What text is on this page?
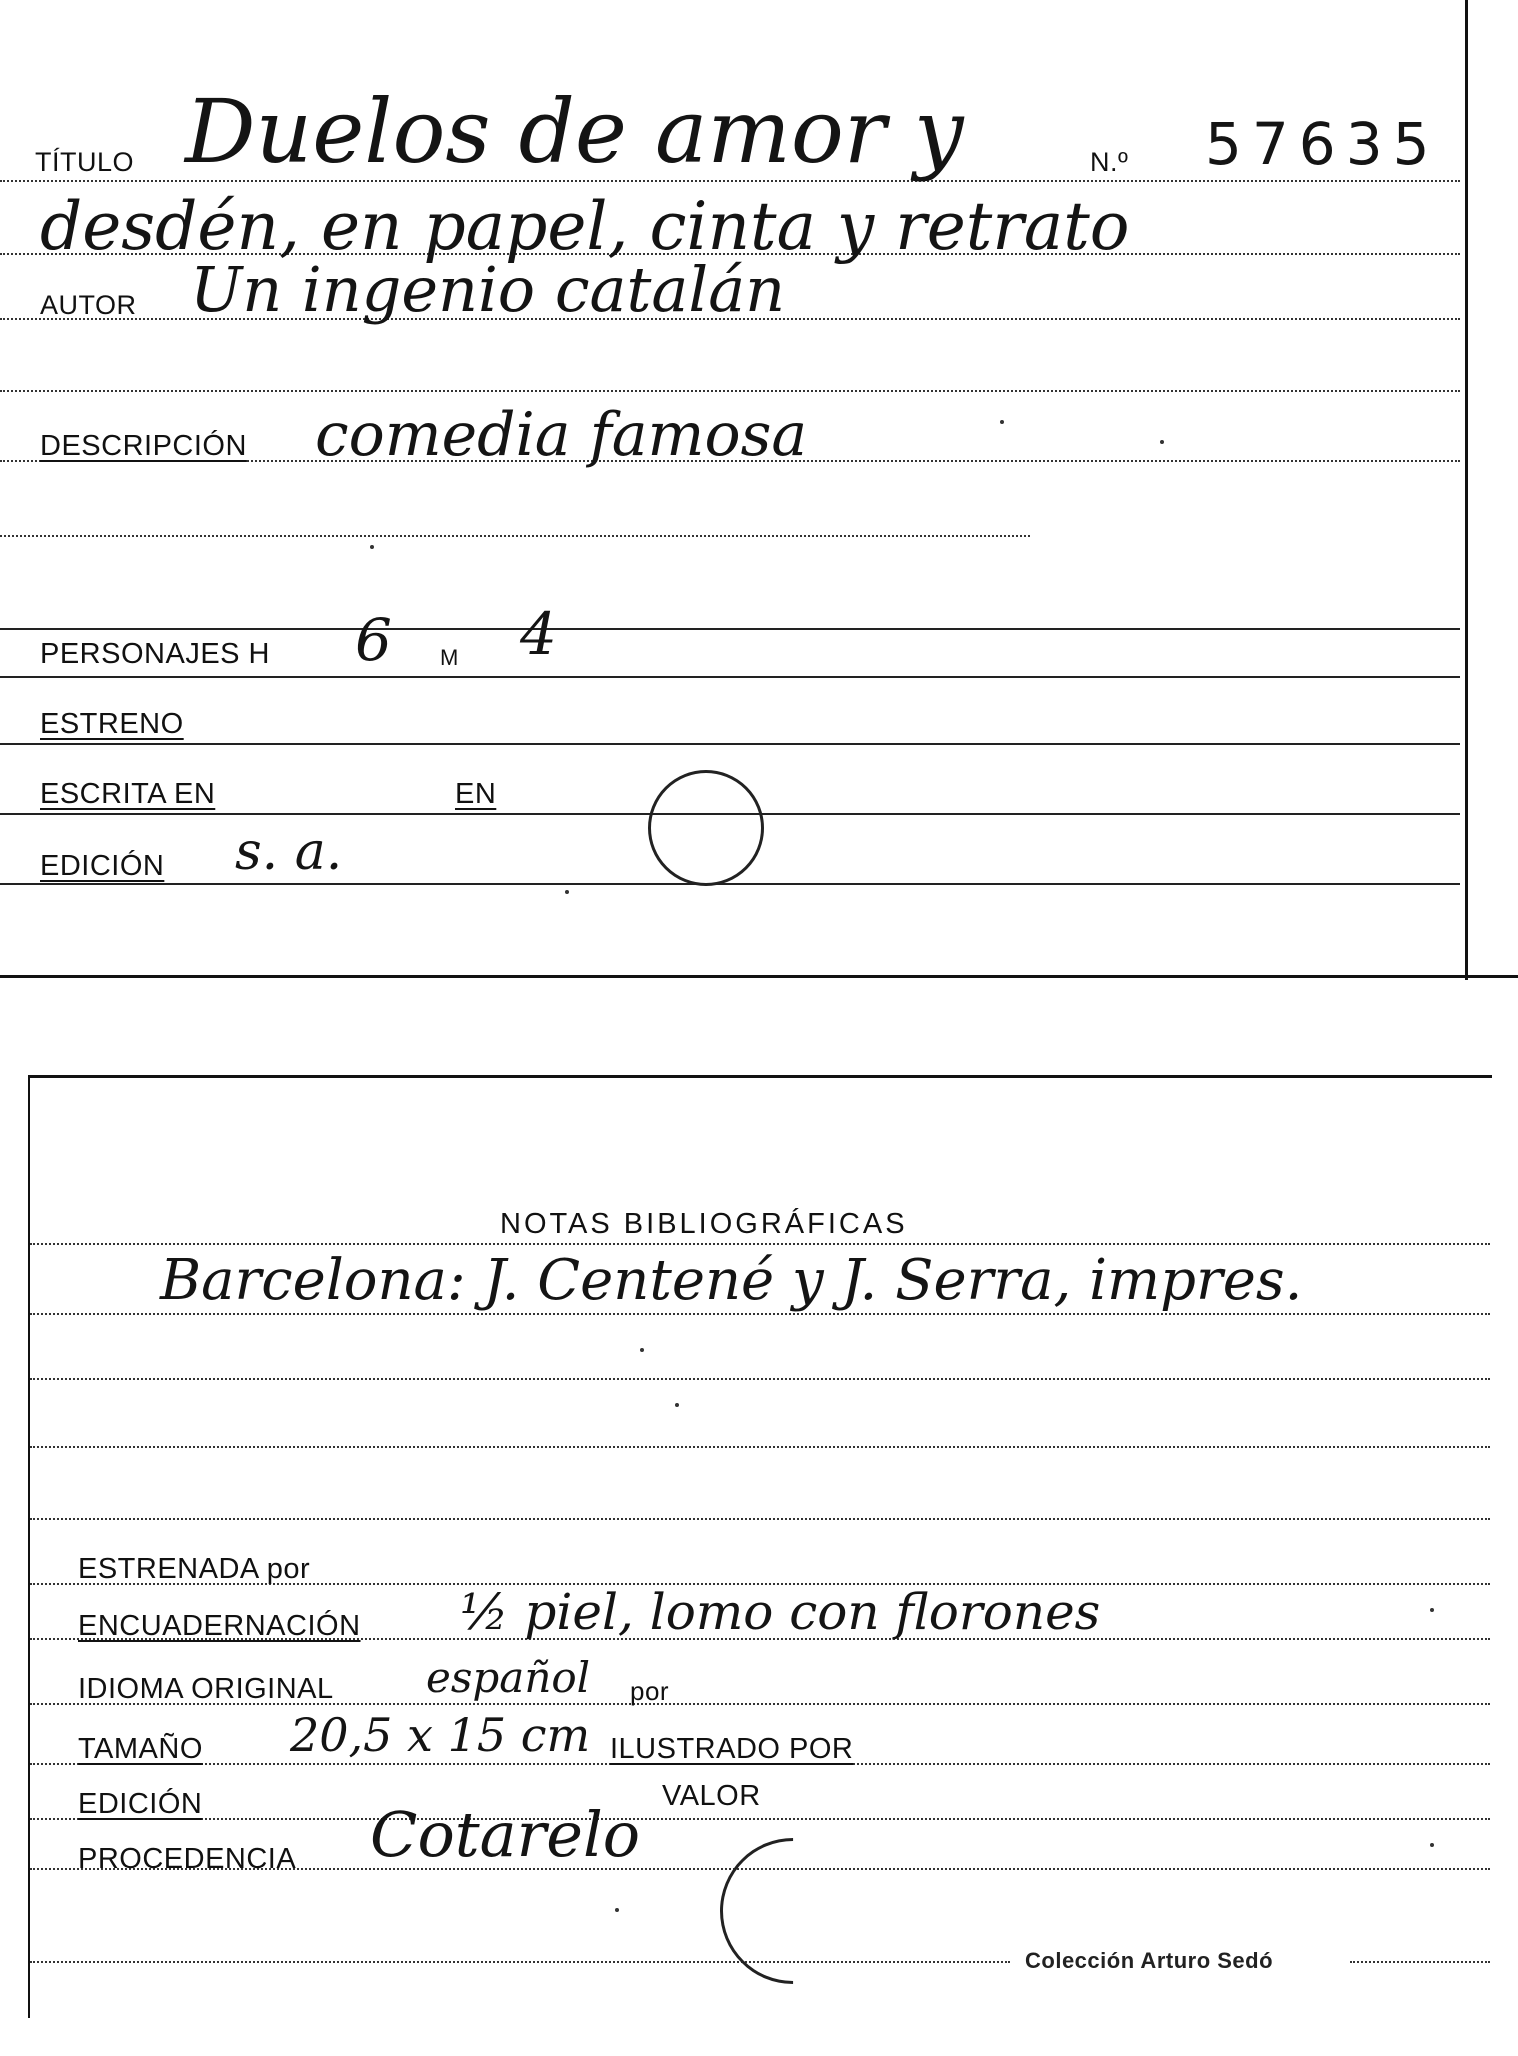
TÍTULO Duelos de amor y	N.º 57635
desdén, en papel, cinta y retrato
AUTOR Un ingenio catalán
DESCRIPCIÓN comedia famosa
PERSONAJES H 6 M 4
ESTRENO
ESCRITA EN	EN
EDICIÓN s. a.
NOTAS BIBLIOGRÁFICAS
Barcelona: J. Centené y J. Serra, impres.
ESTRENADA por
ENCUADERNACIÓN ½ piel, lomo con florones
IDIOMA ORIGINAL español por
TAMAÑO 20,5 x 15 cm ILUSTRADO POR
EDICIÓN	VALOR
PROCEDENCIA Cotarelo
Colección Arturo Sedó
